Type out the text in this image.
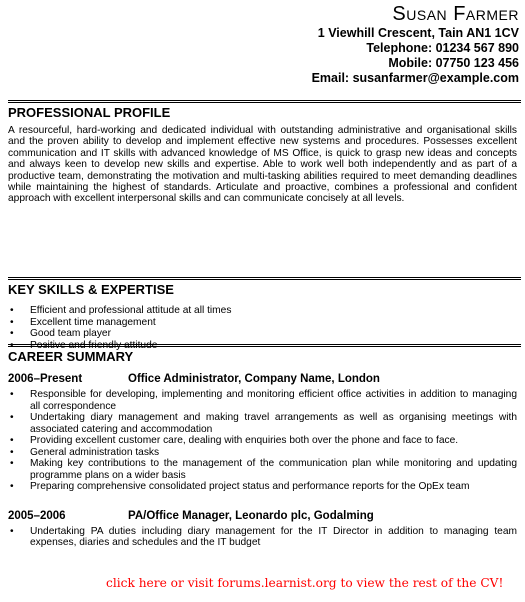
Susan Farmer
1 Viewhill Crescent, Tain AN1 1CV
Telephone: 01234 567 890
Mobile: 07750 123 456
Email: susanfarmer@example.com
PROFESSIONAL PROFILE
A resourceful, hard-working and dedicated individual with outstanding administrative and organisational skills and the proven ability to develop and implement effective new systems and procedures. Possesses excellent communication and IT skills with advanced knowledge of MS Office, is quick to grasp new ideas and concepts and always keen to develop new skills and expertise. Able to work well both independently and as part of a productive team, demonstrating the motivation and multi-tasking abilities required to meet demanding deadlines while maintaining the highest of standards. Articulate and proactive, combines a professional and confident approach with excellent interpersonal skills and can communicate concisely at all levels.
KEY SKILLS & EXPERTISE
• Efficient and professional attitude at all times
• Excellent time management
• Good team player
• Positive and friendly attitude
CAREER SUMMARY
2006–Present	Office Administrator, Company Name, London
• Responsible for developing, implementing and monitoring efficient office activities in addition to managing all correspondence
• Undertaking diary management and making travel arrangements as well as organising meetings with associated catering and accommodation
• Providing excellent customer care, dealing with enquiries both over the phone and face to face.
• General administration tasks
• Making key contributions to the management of the communication plan while monitoring and updating programme plans on a wider basis
• Preparing comprehensive consolidated project status and performance reports for the OpEx team
2005–2006	PA/Office Manager, Leonardo plc, Godalming
• Undertaking PA duties including diary management for the IT Director in addition to managing team expenses, diaries and schedules and the IT budget
click here or visit forums.learnist.org to view the rest of the CV!
